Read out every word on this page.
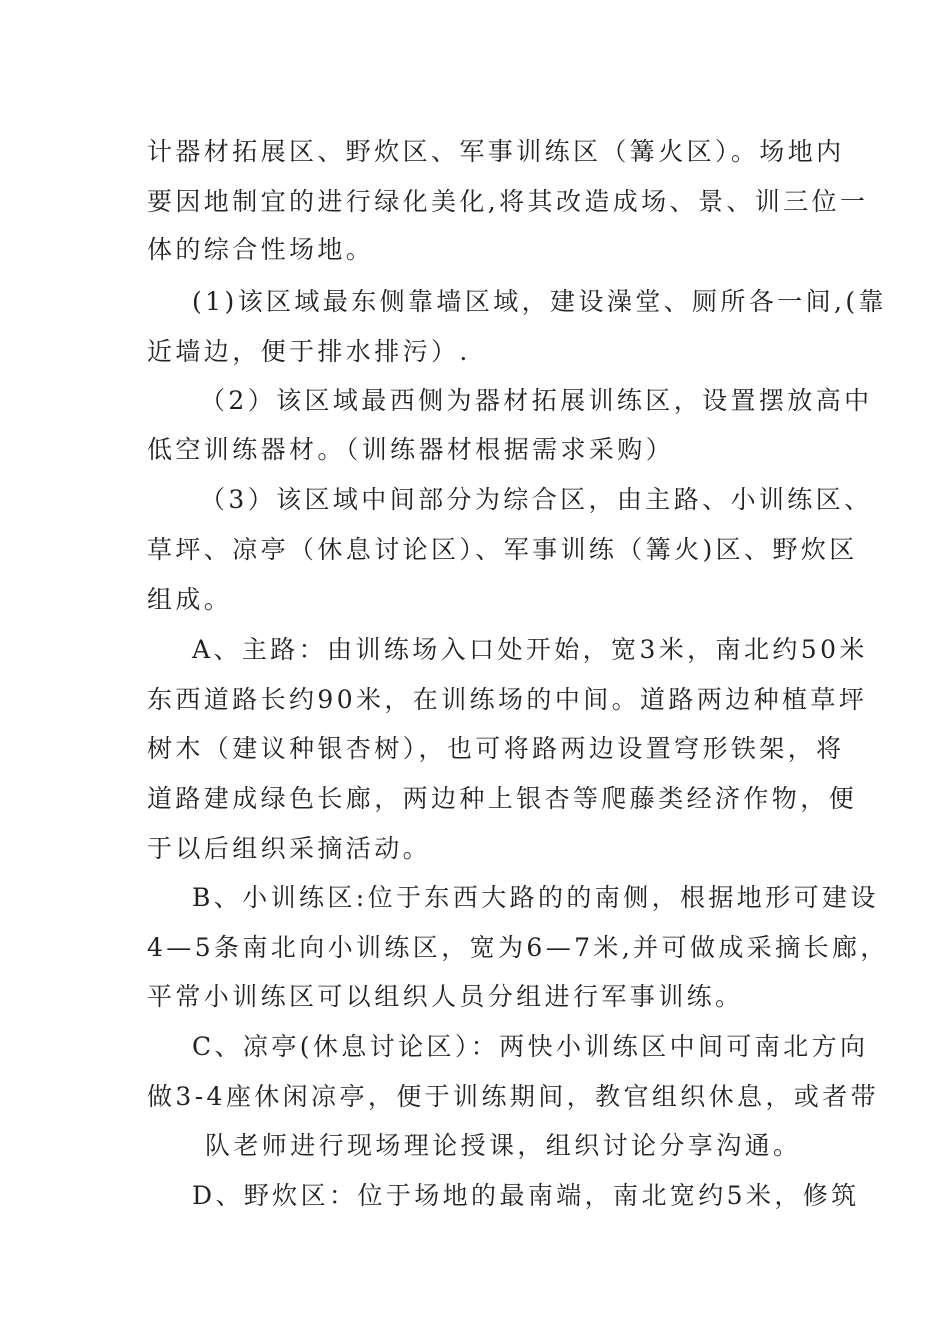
计器材拓展区、野炊区、军事训练区（篝火区）。场地内
要因地制宜的进行绿化美化,将其改造成场、景、训三位一
体的综合性场地。
(1)该区域最东侧靠墙区域，建设澡堂、厕所各一间,(靠
近墙边，便于排水排污）.
（2）该区域最西侧为器材拓展训练区，设置摆放高中
低空训练器材。（训练器材根据需求采购）
（3）该区域中间部分为综合区，由主路、小训练区、
草坪、凉亭（休息讨论区）、军事训练（篝火)区、野炊区
组成。
A、主路：由训练场入口处开始，宽3米，南北约50米
东西道路长约90米，在训练场的中间。道路两边种植草坪
树木（建议种银杏树），也可将路两边设置穹形铁架，将
道路建成绿色长廊，两边种上银杏等爬藤类经济作物，便
于以后组织采摘活动。
B、小训练区:位于东西大路的的南侧，根据地形可建设
4—5条南北向小训练区，宽为6—7米,并可做成采摘长廊，
平常小训练区可以组织人员分组进行军事训练。
C、凉亭(休息讨论区）：两快小训练区中间可南北方向
做3-4座休闲凉亭，便于训练期间，教官组织休息，或者带
队老师进行现场理论授课，组织讨论分享沟通。
D、野炊区：位于场地的最南端，南北宽约5米，修筑
